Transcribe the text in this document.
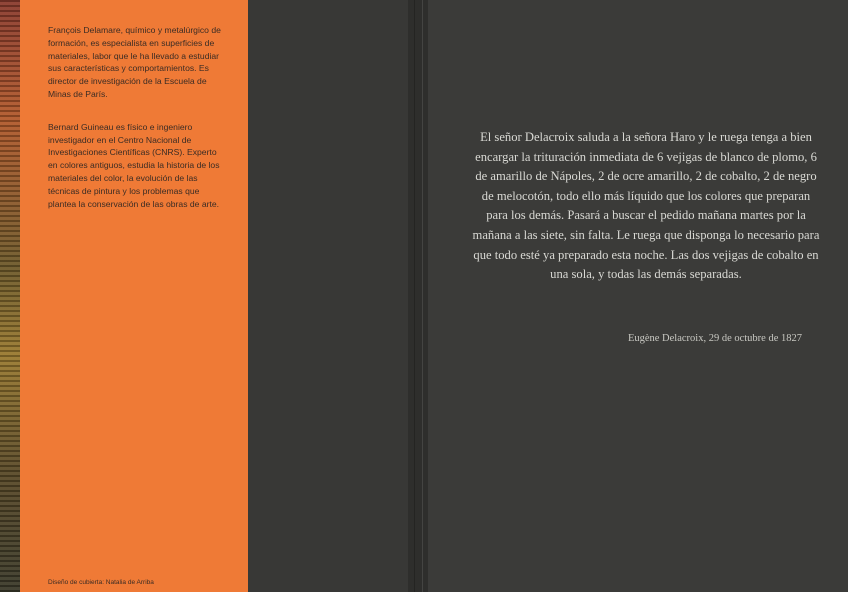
François Delamare, químico y metalúrgico de formación, es especialista en superficies de materiales, labor que le ha llevado a estudiar sus características y comportamientos. Es director de investigación de la Escuela de Minas de París.

Bernard Guineau es físico e ingeniero investigador en el Centro Nacional de Investigaciones Científicas (CNRS). Experto en colores antiguos, estudia la historia de los materiales del color, la evolución de las técnicas de pintura y los problemas que plantea la conservación de las obras de arte.

Diseño de cubierta: Natalia de Arriba

El señor Delacroix saluda a la señora Haro y le ruega tenga a bien encargar la trituración inmediata de 6 vejigas de blanco de plomo, 6 de amarillo de Nápoles, 2 de ocre amarillo, 2 de cobalto, 2 de negro de melocotón, todo ello más líquido que los colores que preparan para los demás. Pasará a buscar el pedido mañana martes por la mañana a las siete, sin falta. Le ruega que disponga lo necesario para que todo esté ya preparado esta noche. Las dos vejigas de cobalto en una sola, y todas las demás separadas.

Eugène Delacroix, 29 de octubre de 1827
